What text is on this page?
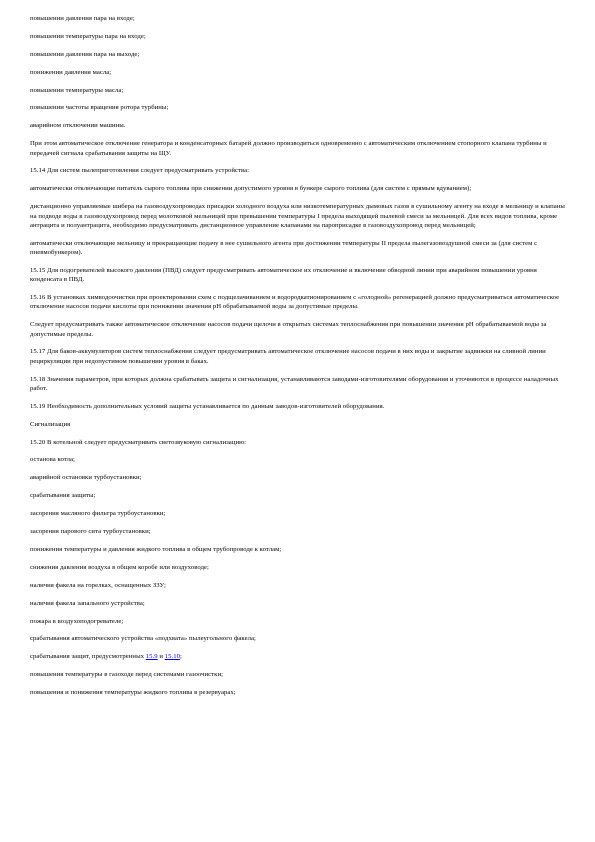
повышении давления пара на входе;

повышении температуры пара на входе;

повышении давления пара на выходе;

понижении давления масла;

повышении температуры масла;

повышении частоты вращения ротора турбины;

аварийном отключении машины.

При этом автоматическое отключение генератора и конденсаторных батарей должно производиться одновременно с автоматическим отключением стопорного клапана турбины и передачей сигнала срабатывания защиты на ЩУ.

15.14 Для систем пылеприготовления следует предусматривать устройства:

автоматически отключающие питатель сырого топлива при снижении допустимого уровня в бункере сырого топлива (для систем с прямым вдуванием);

дистанционно управляемые шибера на газовоздухопроводах присадки холодного воздуха или низкотемпературных дымовых газов в сушильному агенту на входе в мельницу и клапаны на подводе воды в газовоздухопровод перед молотковой мельницей при превышении температуры I предела выходящей пылевой смеси за мельницей. Для всех видов топлива, кроме антрацита и полуантрацита, необходимо предусматривать дистанционное управление клапанами на пароприсадке в газовоздухопровод перед мельницей;

автоматически отключающие мельницу и прекращающие подачу в нее сушильного агента при достижении температуры II предела пылегазовоздушной смеси за (для систем с пневмобункером).

15.15 Для подогревателей высокого давления (ПВД) следует предусматривать автоматическое их отключение и включение обводной линии при аварийном повышении уровня конденсата в ПВД.

15.16 В установках химводоочистки при проектировании схем с подщелачиванием и водородкатионированием с «голодной» регенерацией должно предусматриваться автоматическое отключение насосов подачи кислоты при понижении значения рН обрабатываемой воды за допустимые пределы.

Следует предусматривать также автоматическое отключение насосов подачи щелочи в открытых системах теплоснабжения при повышении значения рН обрабатываемой воды за допустимые пределы.

15.17 Для баков-аккумуляторов систем теплоснабжения следует предусматривать автоматическое отключение насосов подачи в них воды и закрытие задвижки на сливной линии рециркуляции при недопустимом повышении уровня в баках.

15.18 Значения параметров, при которых должна срабатывать защита и сигнализация, устанавливаются заводами-изготовителями оборудования и уточняются в процессе наладочных работ.

15.19 Необходимость дополнительных условий защиты устанавливается по данным заводов-изготовителей оборудования.

Сигнализация

15.20 В котельной следует предусматривать светозвуковую сигнализацию:

останова котла;

аварийной остановки турбоустановки;

срабатывания защиты;

засорения масляного фильтра турбоустановки;

засорения парового сита турбоустановки;

понижения температуры и давления жидкого топлива в общем трубопроводе к котлам;

снижения давления воздуха в общем коробе или воздуховоде;

наличия факела на горелках, оснащенных ЗЗУ;

наличия факела запального устройства;

пожара в воздухоподогревателе;

срабатывания автоматического устройства «подхвата» пылеугольного факела;

срабатывания защит, предусмотренных 15.9 и 15.10;

повышения температуры в газоходе перед системами газоочистки;

повышения и понижения температуры жидкого топлива в резервуарах;
